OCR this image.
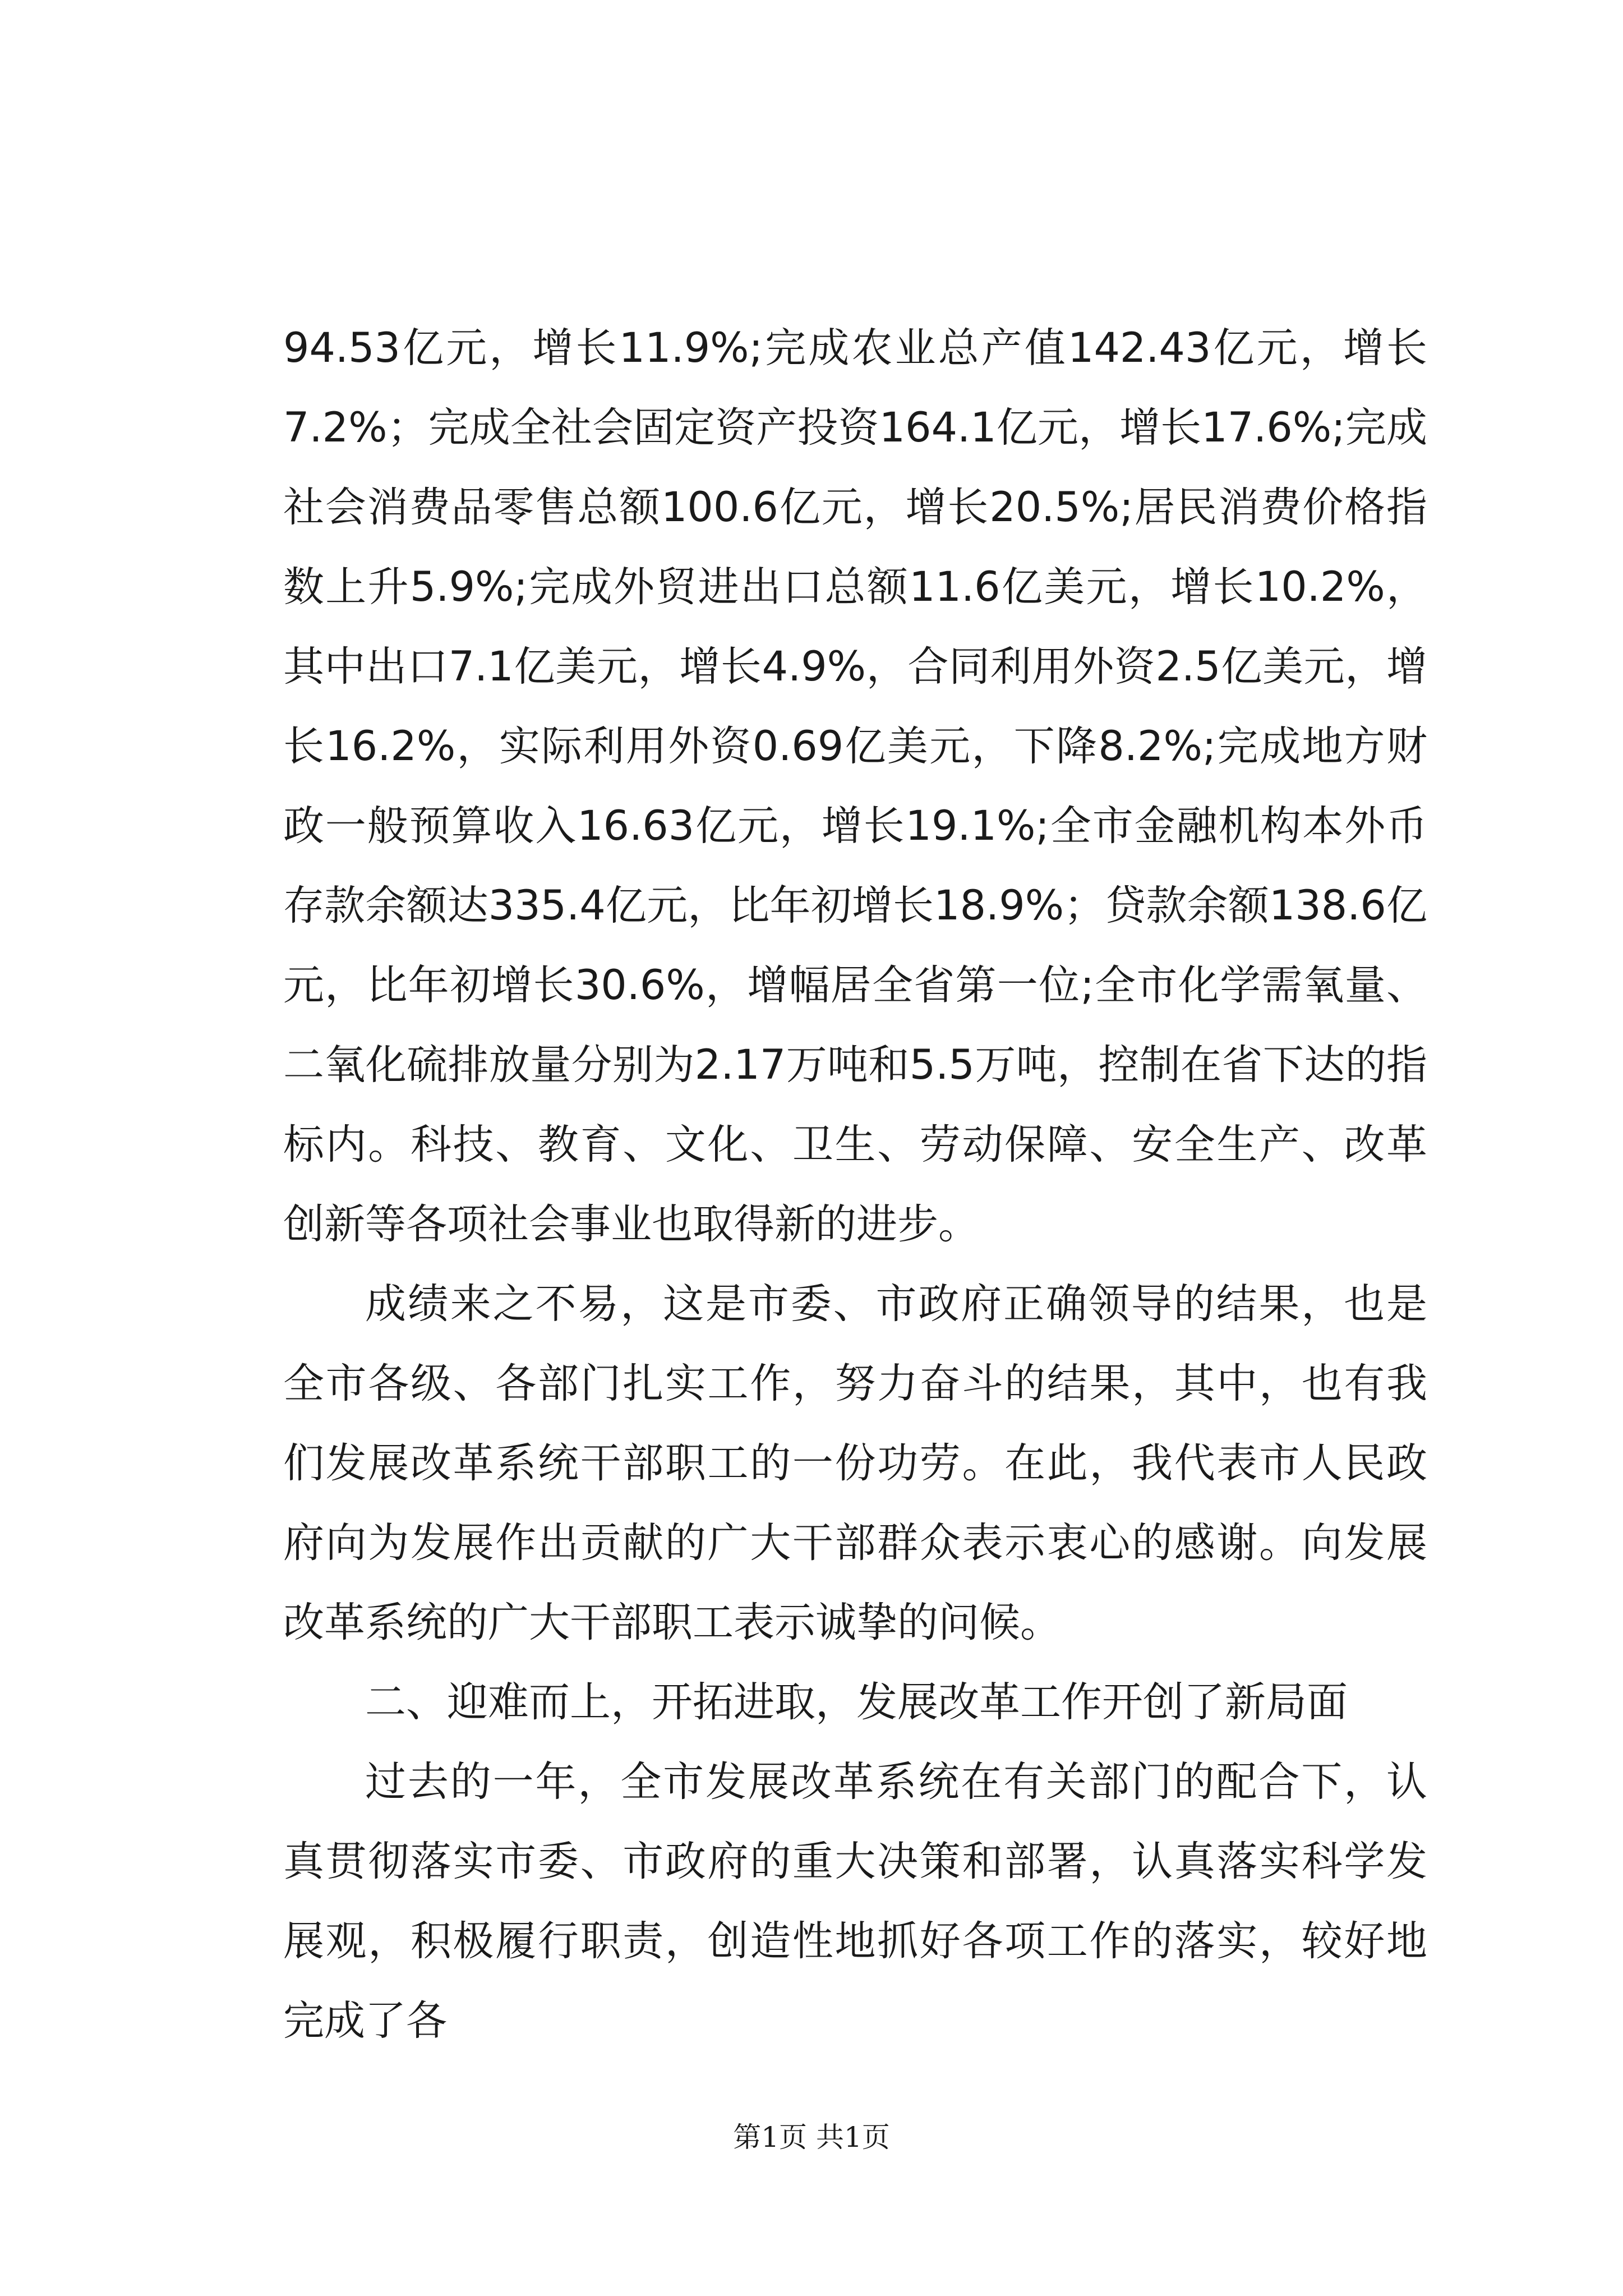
94.53亿元，增长11.9%;完成农业总产值142.43亿元，增长7.2%；完成全社会固定资产投资164.1亿元，增长17.6%;完成社会消费品零售总额100.6亿元，增长20.5%;居民消费价格指数上升5.9%;完成外贸进出口总额11.6亿美元，增长10.2%，其中出口7.1亿美元，增长4.9%，合同利用外资2.5亿美元，增长16.2%，实际利用外资0.69亿美元，下降8.2%;完成地方财政一般预算收入16.63亿元，增长19.1%;全市金融机构本外币存款余额达335.4亿元，比年初增长18.9%；贷款余额138.6亿元，比年初增长30.6%，增幅居全省第一位;全市化学需氧量、二氧化硫排放量分别为2.17万吨和5.5万吨，控制在省下达的指标内。科技、教育、文化、卫生、劳动保障、安全生产、改革创新等各项社会事业也取得新的进步。

成绩来之不易，这是市委、市政府正确领导的结果，也是全市各级、各部门扎实工作，努力奋斗的结果，其中，也有我们发展改革系统干部职工的一份功劳。在此，我代表市人民政府向为发展作出贡献的广大干部群众表示衷心的感谢。向发展改革系统的广大干部职工表示诚挚的问候。

二、迎难而上，开拓进取，发展改革工作开创了新局面

过去的一年，全市发展改革系统在有关部门的配合下，认真贯彻落实市委、市政府的重大决策和部署，认真落实科学发展观，积极履行职责，创造性地抓好各项工作的落实，较好地完成了各

第1页 共1页
